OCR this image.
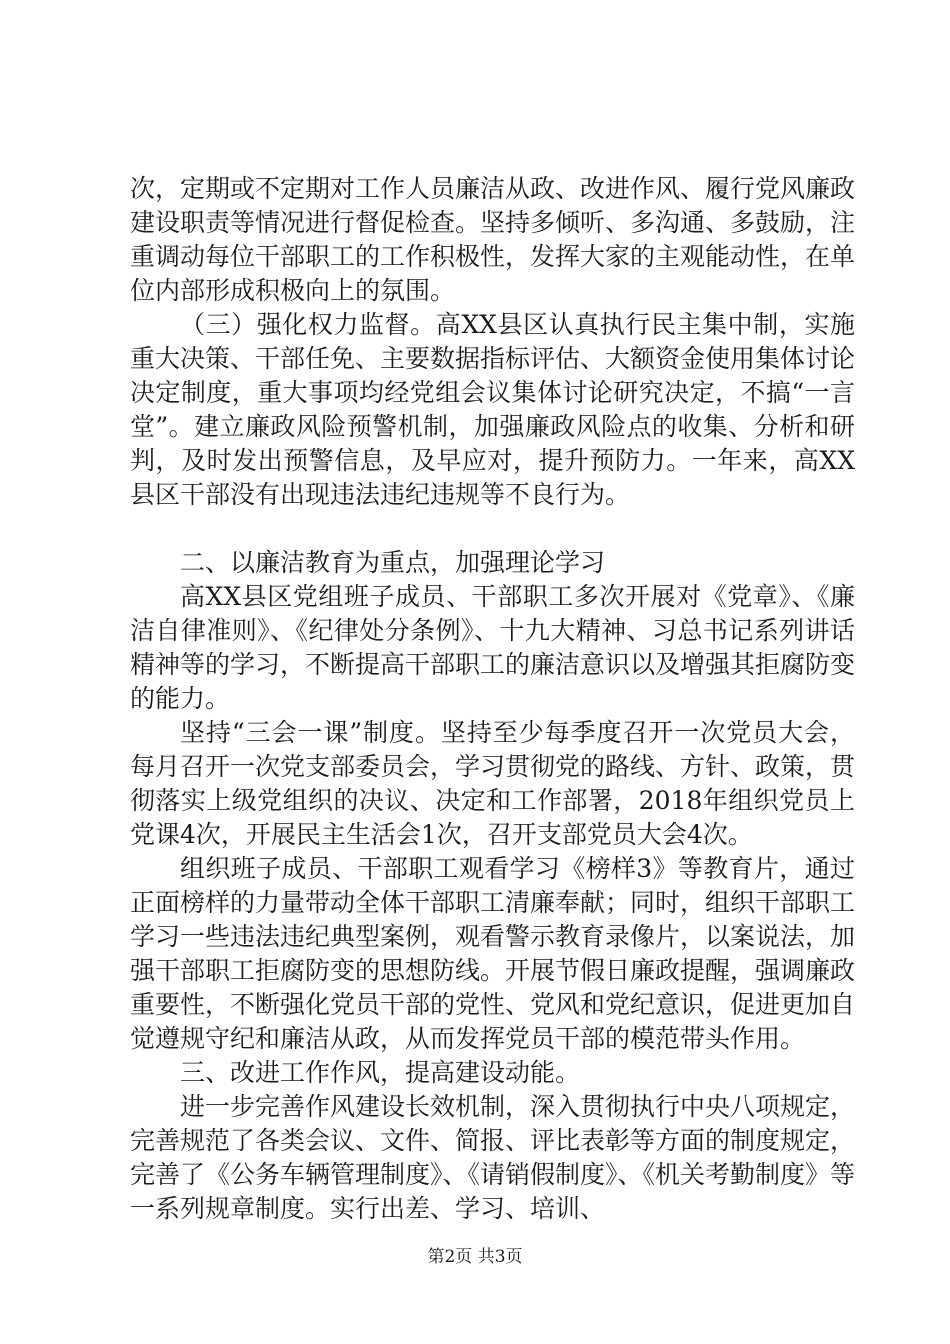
次，定期或不定期对工作人员廉洁从政、改进作风、履行党风廉政建设职责等情况进行督促检查。坚持多倾听、多沟通、多鼓励，注重调动每位干部职工的工作积极性，发挥大家的主观能动性，在单位内部形成积极向上的氛围。

（三）强化权力监督。高XX县区认真执行民主集中制，实施重大决策、干部任免、主要数据指标评估、大额资金使用集体讨论决定制度，重大事项均经党组会议集体讨论研究决定，不搞“一言堂”。建立廉政风险预警机制，加强廉政风险点的收集、分析和研判，及时发出预警信息，及早应对，提升预防力。一年来，高XX县区干部没有出现违法违纪违规等不良行为。

二、以廉洁教育为重点，加强理论学习

高XX县区党组班子成员、干部职工多次开展对《党章》、《廉洁自律准则》、《纪律处分条例》、十九大精神、习总书记系列讲话精神等的学习，不断提高干部职工的廉洁意识以及增强其拒腐防变的能力。

坚持“三会一课”制度。坚持至少每季度召开一次党员大会，每月召开一次党支部委员会，学习贯彻党的路线、方针、政策，贯彻落实上级党组织的决议、决定和工作部署，2018年组织党员上党课4次，开展民主生活会1次，召开支部党员大会4次。

组织班子成员、干部职工观看学习《榜样3》等教育片，通过正面榜样的力量带动全体干部职工清廉奉献；同时，组织干部职工学习一些违法违纪典型案例，观看警示教育录像片，以案说法，加强干部职工拒腐防变的思想防线。开展节假日廉政提醒，强调廉政重要性，不断强化党员干部的党性、党风和党纪意识，促进更加自觉遵规守纪和廉洁从政，从而发挥党员干部的模范带头作用。

三、改进工作作风，提高建设动能。

进一步完善作风建设长效机制，深入贯彻执行中央八项规定，完善规范了各类会议、文件、简报、评比表彰等方面的制度规定，完善了《公务车辆管理制度》、《请销假制度》、《机关考勤制度》等一系列规章制度。实行出差、学习、培训、

第2页 共3页
